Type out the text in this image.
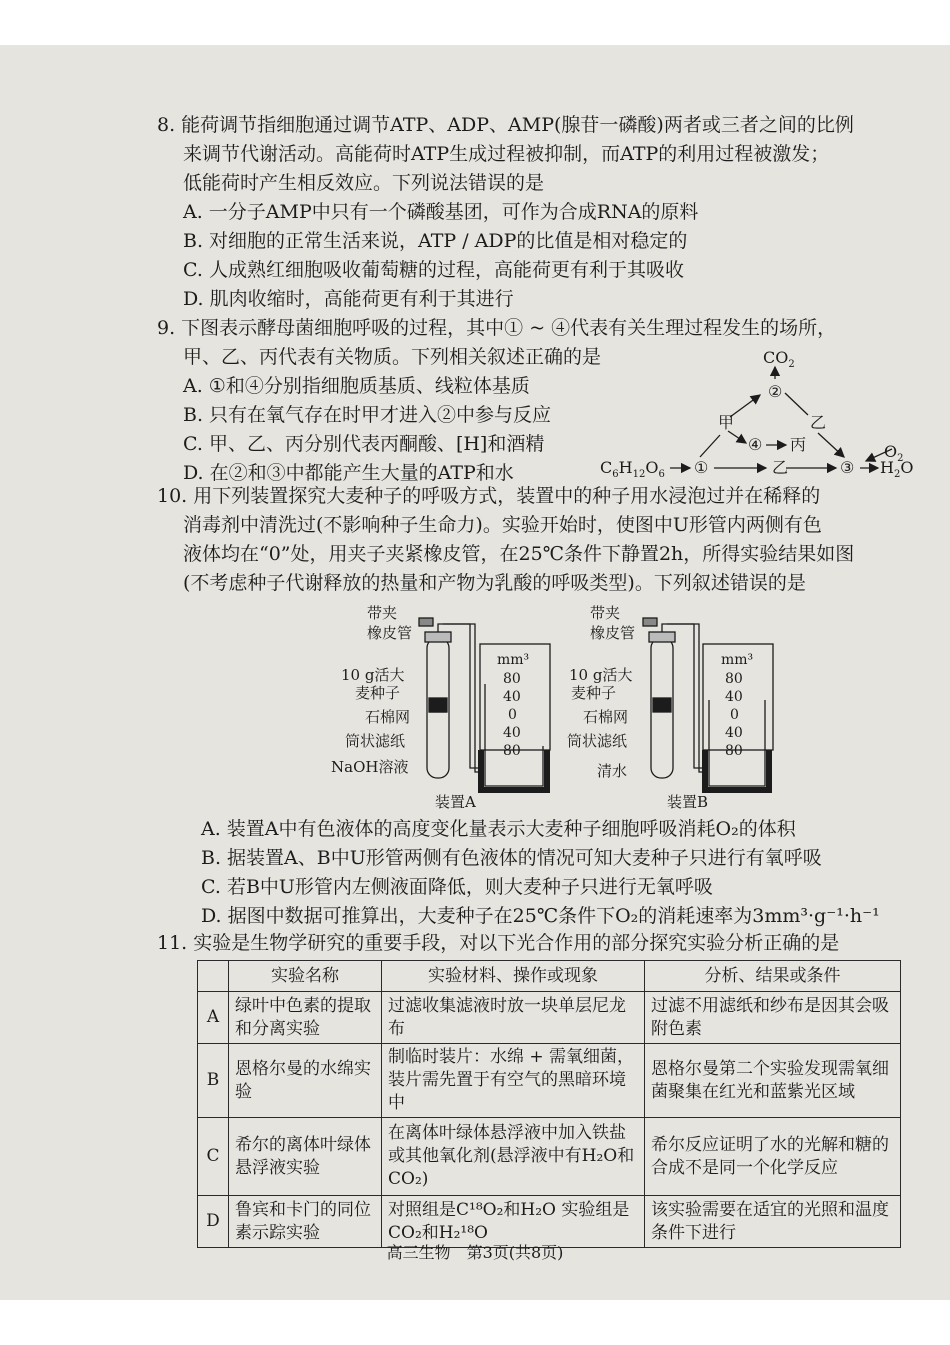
8. 能荷调节指细胞通过调节ATP、ADP、AMP(腺苷一磷酸)两者或三者之间的比例
来调节代谢活动。高能荷时ATP生成过程被抑制，而ATP的利用过程被激发；
低能荷时产生相反效应。下列说法错误的是
A. 一分子AMP中只有一个磷酸基团，可作为合成RNA的原料
B. 对细胞的正常生活来说，ATP / ADP的比值是相对稳定的
C. 人成熟红细胞吸收葡萄糖的过程，高能荷更有利于其吸收
D. 肌肉收缩时，高能荷更有利于其进行
9. 下图表示酵母菌细胞呼吸的过程，其中① ~ ④代表有关生理过程发生的场所，
甲、乙、丙代表有关物质。下列相关叙述正确的是
A. ①和④分别指细胞质基质、线粒体基质
B. 只有在氧气存在时甲才进入②中参与反应
C. 甲、乙、丙分别代表丙酮酸、[H]和酒精
D. 在②和③中都能产生大量的ATP和水
$CO_2$
②
甲	乙
④ 丙
$C_6H_{12}O_6$ ①	乙	③
$O_2$
$H_2O$
10. 用下列装置探究大麦种子的呼吸方式，装置中的种子用水浸泡过并在稀释的
消毒剂中清洗过(不影响种子生命力)。实验开始时，使图中U形管内两侧有色
液体均在“0”处，用夹子夹紧橡皮管，在25℃条件下静置2h，所得实验结果如图
(不考虑种子代谢释放的热量和产物为乳酸的呼吸类型)。下列叙述错误的是
带夹
橡皮管
10 g活大
麦种子
石棉网
筒状滤纸
NaOH溶液
装置A
带夹
橡皮管
10 g活大
麦种子
石棉网
筒状滤纸
清水
装置B
mm³
80
40
0
40
80
mm³
80
40
0
40
80
A. 装置A中有色液体的高度变化量表示大麦种子细胞呼吸消耗O₂的体积
B. 据装置A、B中U形管两侧有色液体的情况可知大麦种子只进行有氧呼吸
C. 若B中U形管内左侧液面降低，则大麦种子只进行无氧呼吸
D. 据图中数据可推算出，大麦种子在25℃条件下O₂的消耗速率为3mm³·g⁻¹·h⁻¹
11. 实验是生物学研究的重要手段，对以下光合作用的部分探究实验分析正确的是
	实验名称	实验材料、操作或现象	分析、结果或条件
A	绿叶中色素的提取和分离实验	过滤收集滤液时放一块单层尼龙布	过滤不用滤纸和纱布是因其会吸附色素
B	恩格尔曼的水绵实验	制临时装片：水绵 + 需氧细菌，装片需先置于有空气的黑暗环境中	恩格尔曼第二个实验发现需氧细菌聚集在红光和蓝紫光区域
C	希尔的离体叶绿体悬浮液实验	在离体叶绿体悬浮液中加入铁盐或其他氧化剂(悬浮液中有H₂O和CO₂)	希尔反应证明了水的光解和糖的合成不是同一个化学反应
D	鲁宾和卡门的同位素示踪实验	对照组是C¹⁸O₂和H₂O 实验组是CO₂和H₂¹⁸O	该实验需要在适宜的光照和温度条件下进行
高三生物　第3页(共8页)
